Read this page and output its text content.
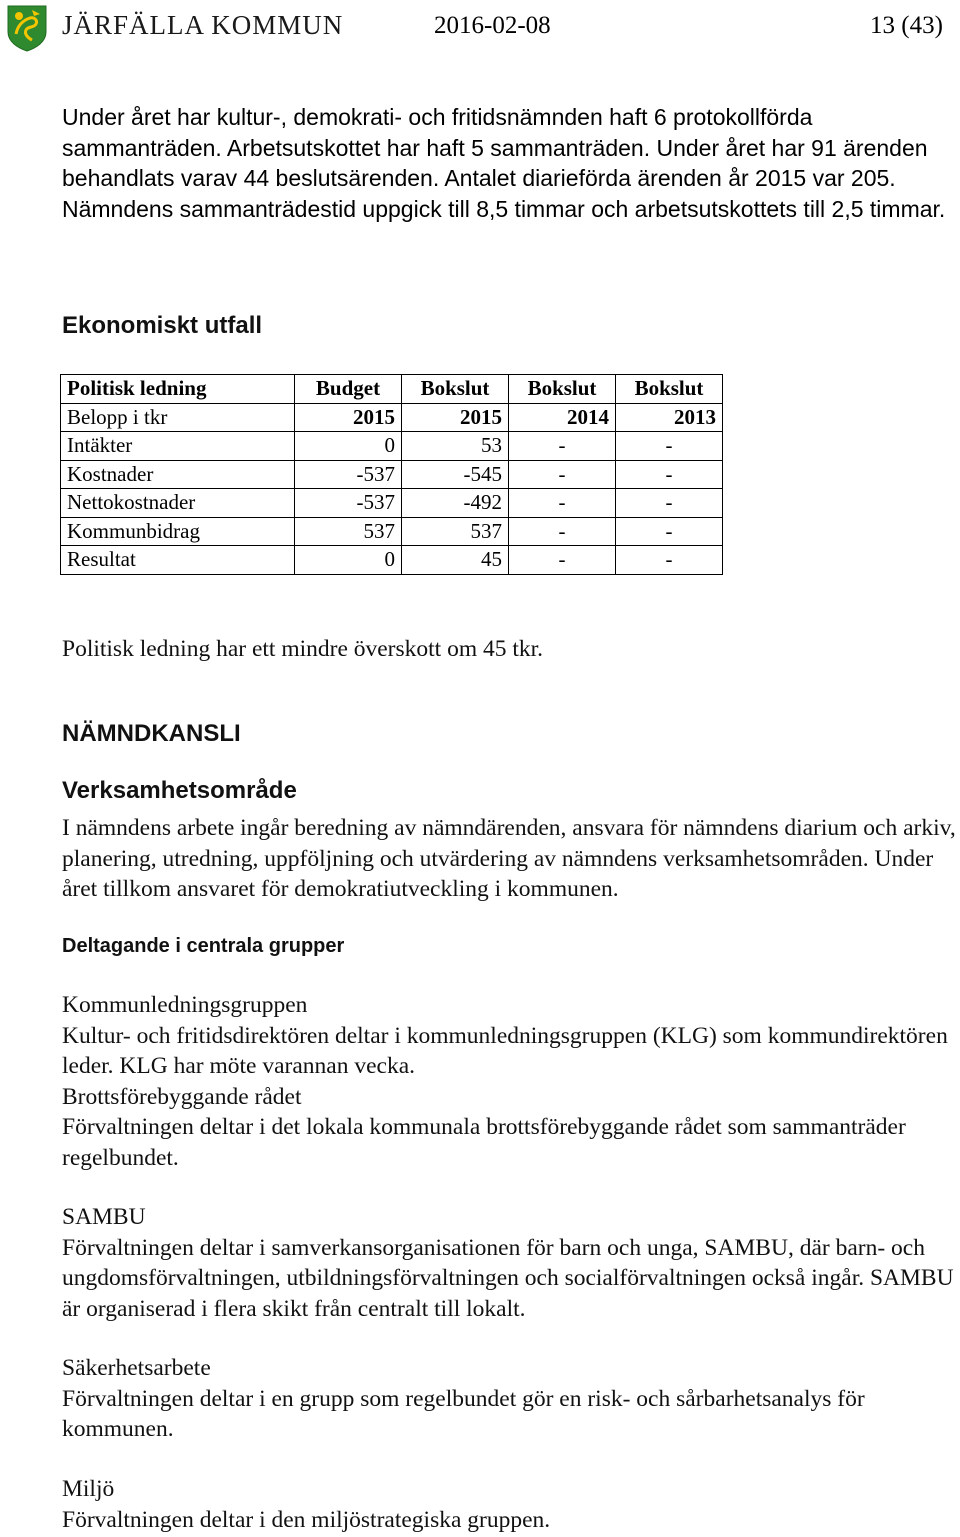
JÄRFÄLLA KOMMUN	2016-02-08	13 (43)
Under året har kultur-, demokrati- och fritidsnämnden haft 6 protokollförda sammanträden. Arbetsutskottet har haft 5 sammanträden. Under året har 91 ärenden behandlats varav 44 beslutsärenden. Antalet diarieförda ärenden år 2015 var 205. Nämndens sammanträdestid uppgick till 8,5 timmar och arbetsutskottets till 2,5 timmar.
Ekonomiskt utfall
Politisk ledning	Budget	Bokslut	Bokslut	Bokslut
Belopp i tkr	2015	2015	2014	2013
Intäkter	0	53	-	-
Kostnader	-537	-545	-	-
Nettokostnader	-537	-492	-	-
Kommunbidrag	537	537	-	-
Resultat	0	45	-	-
Politisk ledning har ett mindre överskott om 45 tkr.
NÄMNDKANSLI
Verksamhetsområde
I nämndens arbete ingår beredning av nämndärenden, ansvara för nämndens diarium och arkiv, planering, utredning, uppföljning och utvärdering av nämndens verksamhetsområden. Under året tillkom ansvaret för demokratiutveckling i kommunen.
Deltagande i centrala grupper
Kommunledningsgruppen
Kultur- och fritidsdirektören deltar i kommunledningsgruppen (KLG) som kommundirektören leder. KLG har möte varannan vecka.
Brottsförebyggande rådet
Förvaltningen deltar i det lokala kommunala brottsförebyggande rådet som sammanträder regelbundet.
SAMBU
Förvaltningen deltar i samverkansorganisationen för barn och unga, SAMBU, där barn- och ungdomsförvaltningen, utbildningsförvaltningen och socialförvaltningen också ingår. SAMBU är organiserad i flera skikt från centralt till lokalt.
Säkerhetsarbete
Förvaltningen deltar i en grupp som regelbundet gör en risk- och sårbarhetsanalys för kommunen.
Miljö
Förvaltningen deltar i den miljöstrategiska gruppen.
